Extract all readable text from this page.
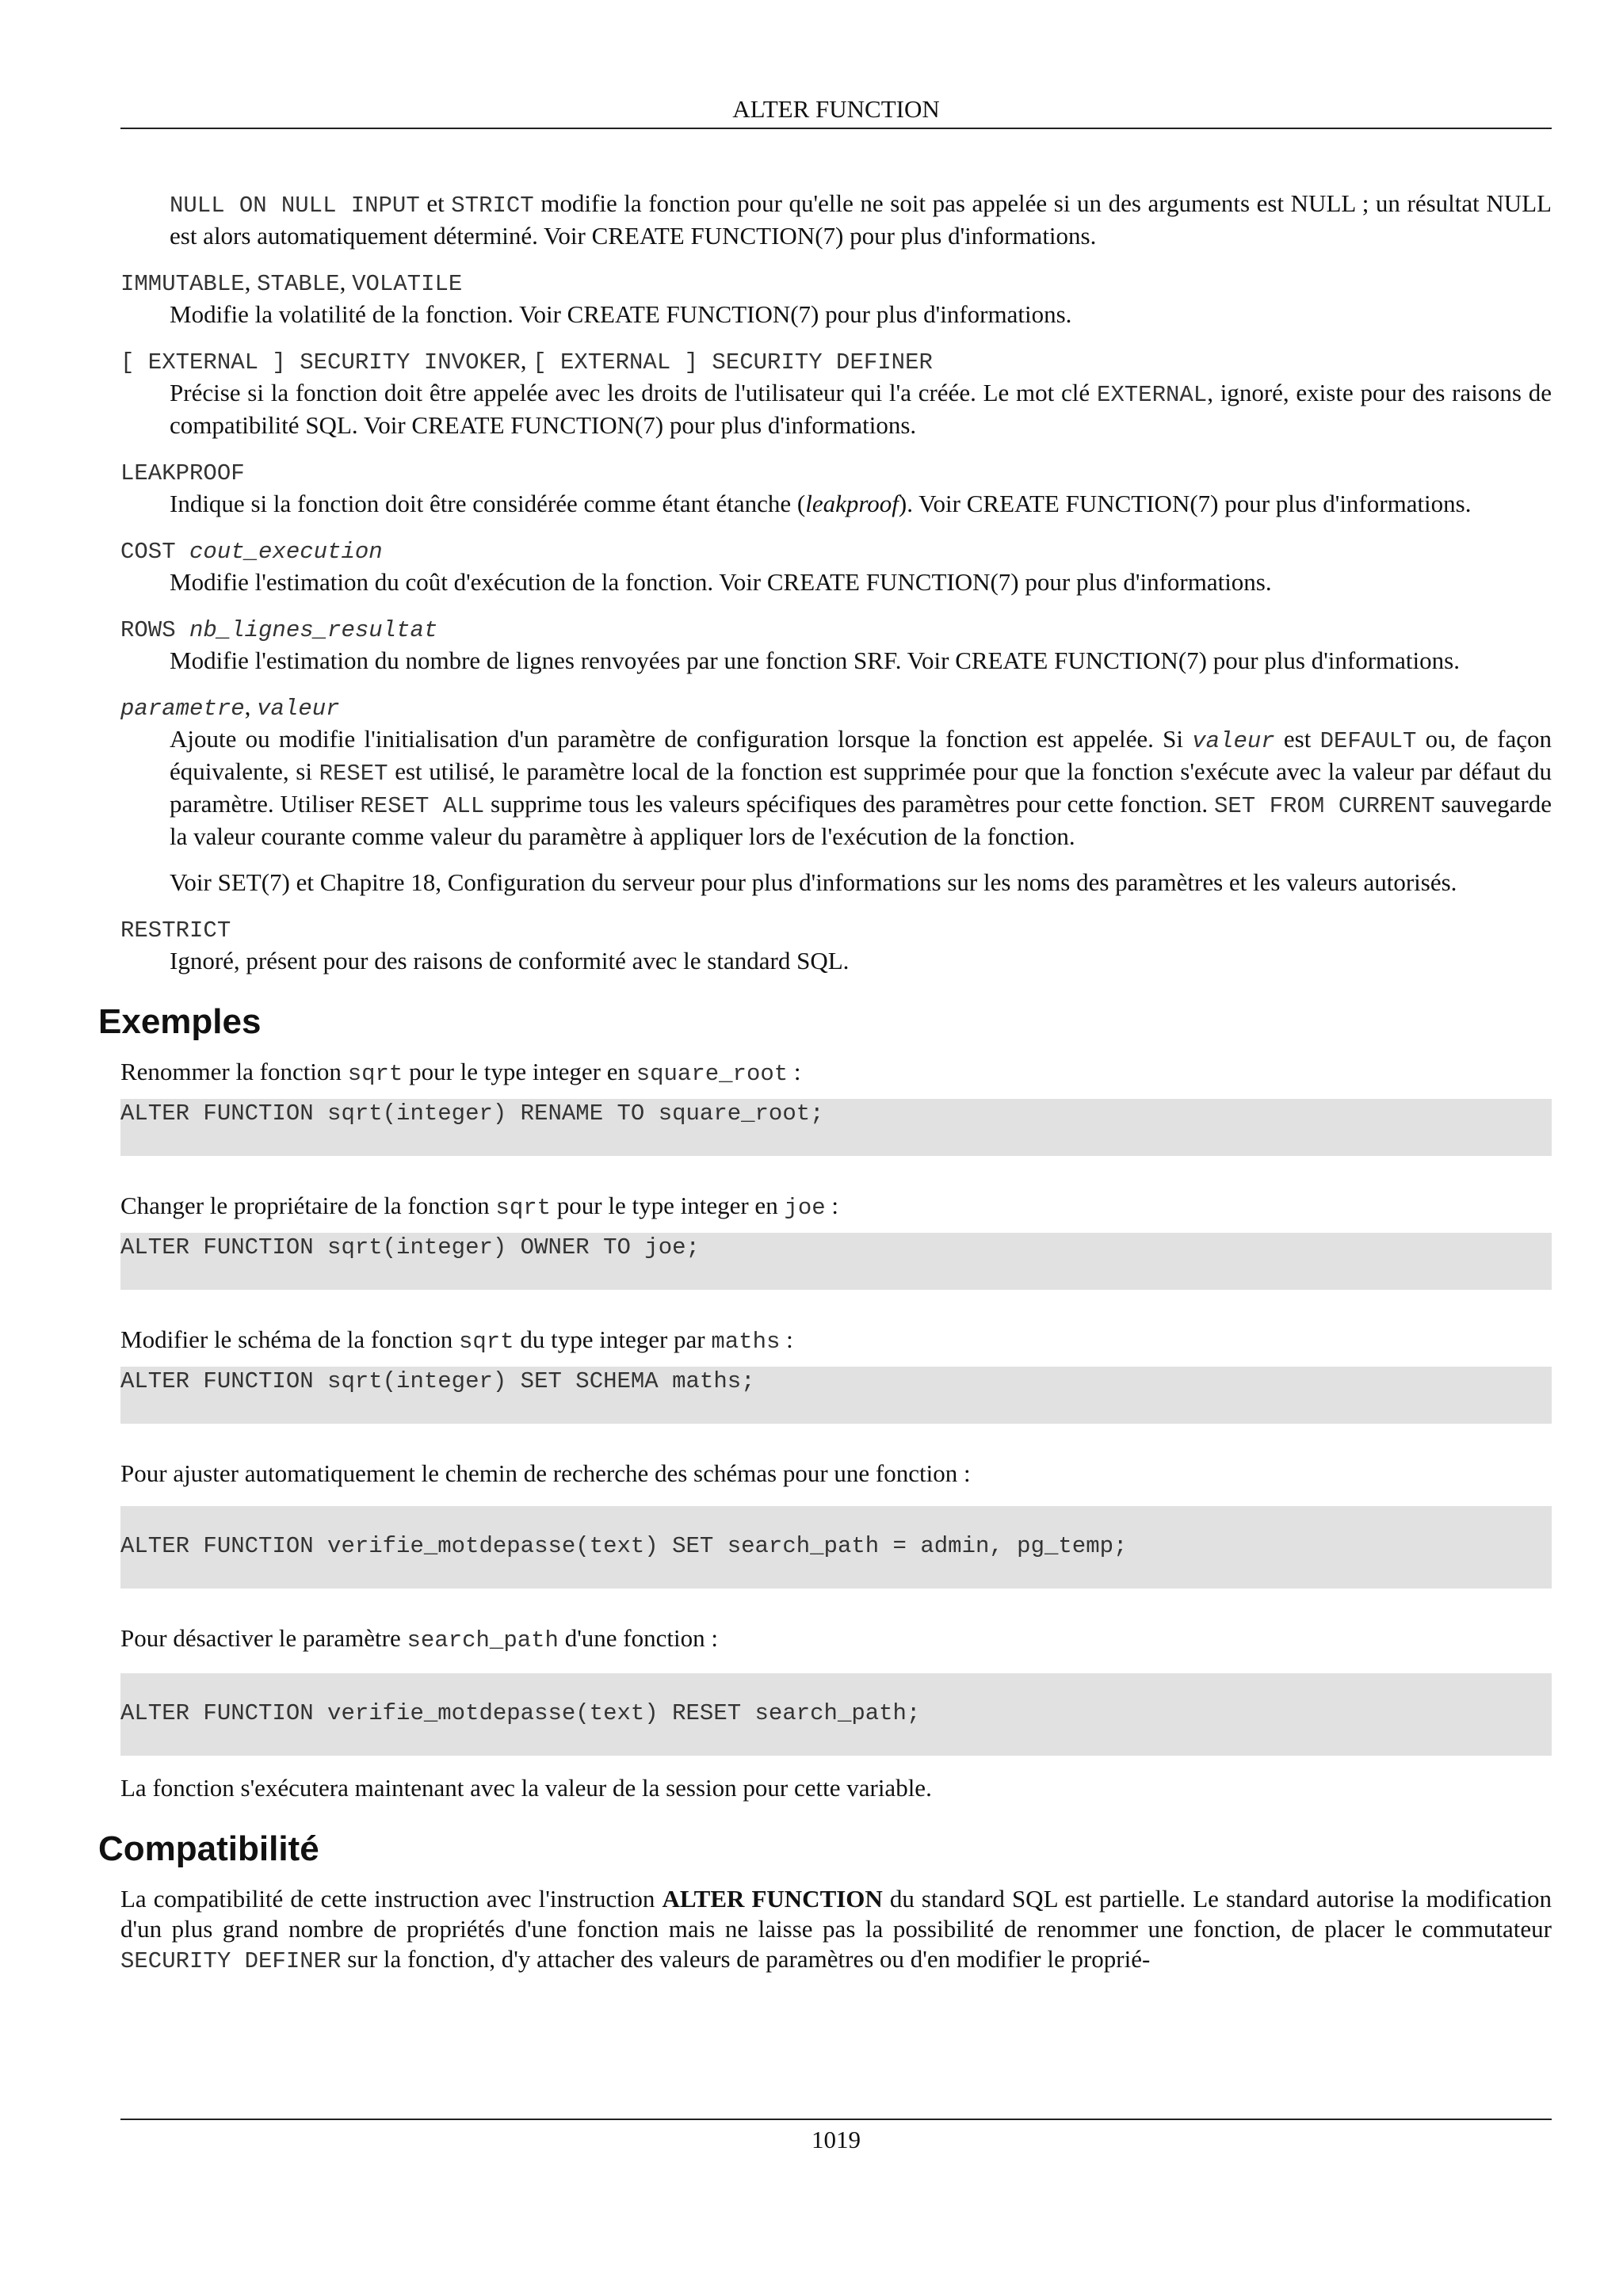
ALTER FUNCTION

NULL ON NULL INPUT et STRICT modifie la fonction pour qu'elle ne soit pas appelée si un des arguments est NULL ; un résultat NULL est alors automatiquement déterminé. Voir CREATE FUNCTION(7) pour plus d'informations.

IMMUTABLE, STABLE, VOLATILE

Modifie la volatilité de la fonction. Voir CREATE FUNCTION(7) pour plus d'informations.

[ EXTERNAL ] SECURITY INVOKER, [ EXTERNAL ] SECURITY DEFINER

Précise si la fonction doit être appelée avec les droits de l'utilisateur qui l'a créée. Le mot clé EXTERNAL, ignoré, existe pour des raisons de compatibilité SQL. Voir CREATE FUNCTION(7) pour plus d'informations.

LEAKPROOF

Indique si la fonction doit être considérée comme étant étanche (leakproof). Voir CREATE FUNCTION(7) pour plus d'informations.

COST cout_execution

Modifie l'estimation du coût d'exécution de la fonction. Voir CREATE FUNCTION(7) pour plus d'informations.

ROWS nb_lignes_resultat

Modifie l'estimation du nombre de lignes renvoyées par une fonction SRF. Voir CREATE FUNCTION(7) pour plus d'informations.

parametre, valeur

Ajoute ou modifie l'initialisation d'un paramètre de configuration lorsque la fonction est appelée. Si valeur est DEFAULT ou, de façon équivalente, si RESET est utilisé, le paramètre local de la fonction est supprimée pour que la fonction s'exécute avec la valeur par défaut du paramètre. Utiliser RESET ALL supprime tous les valeurs spécifiques des paramètres pour cette fonction. SET FROM CURRENT sauvegarde la valeur courante comme valeur du paramètre à appliquer lors de l'exécution de la fonction.

Voir SET(7) et Chapitre 18, Configuration du serveur pour plus d'informations sur les noms des paramètres et les valeurs autorisés.

RESTRICT

Ignoré, présent pour des raisons de conformité avec le standard SQL.

Exemples

Renommer la fonction sqrt pour le type integer en square_root :

ALTER FUNCTION sqrt(integer) RENAME TO square_root;

Changer le propriétaire de la fonction sqrt pour le type integer en joe :

ALTER FUNCTION sqrt(integer) OWNER TO joe;

Modifier le schéma de la fonction sqrt du type integer par maths :

ALTER FUNCTION sqrt(integer) SET SCHEMA maths;

Pour ajuster automatiquement le chemin de recherche des schémas pour une fonction :

ALTER FUNCTION verifie_motdepasse(text) SET search_path = admin, pg_temp;

Pour désactiver le paramètre search_path d'une fonction :

ALTER FUNCTION verifie_motdepasse(text) RESET search_path;

La fonction s'exécutera maintenant avec la valeur de la session pour cette variable.

Compatibilité

La compatibilité de cette instruction avec l'instruction ALTER FUNCTION du standard SQL est partielle. Le standard autorise la modification d'un plus grand nombre de propriétés d'une fonction mais ne laisse pas la possibilité de renommer une fonction, de placer le commutateur SECURITY DEFINER sur la fonction, d'y attacher des valeurs de paramètres ou d'en modifier le proprié-

1019
